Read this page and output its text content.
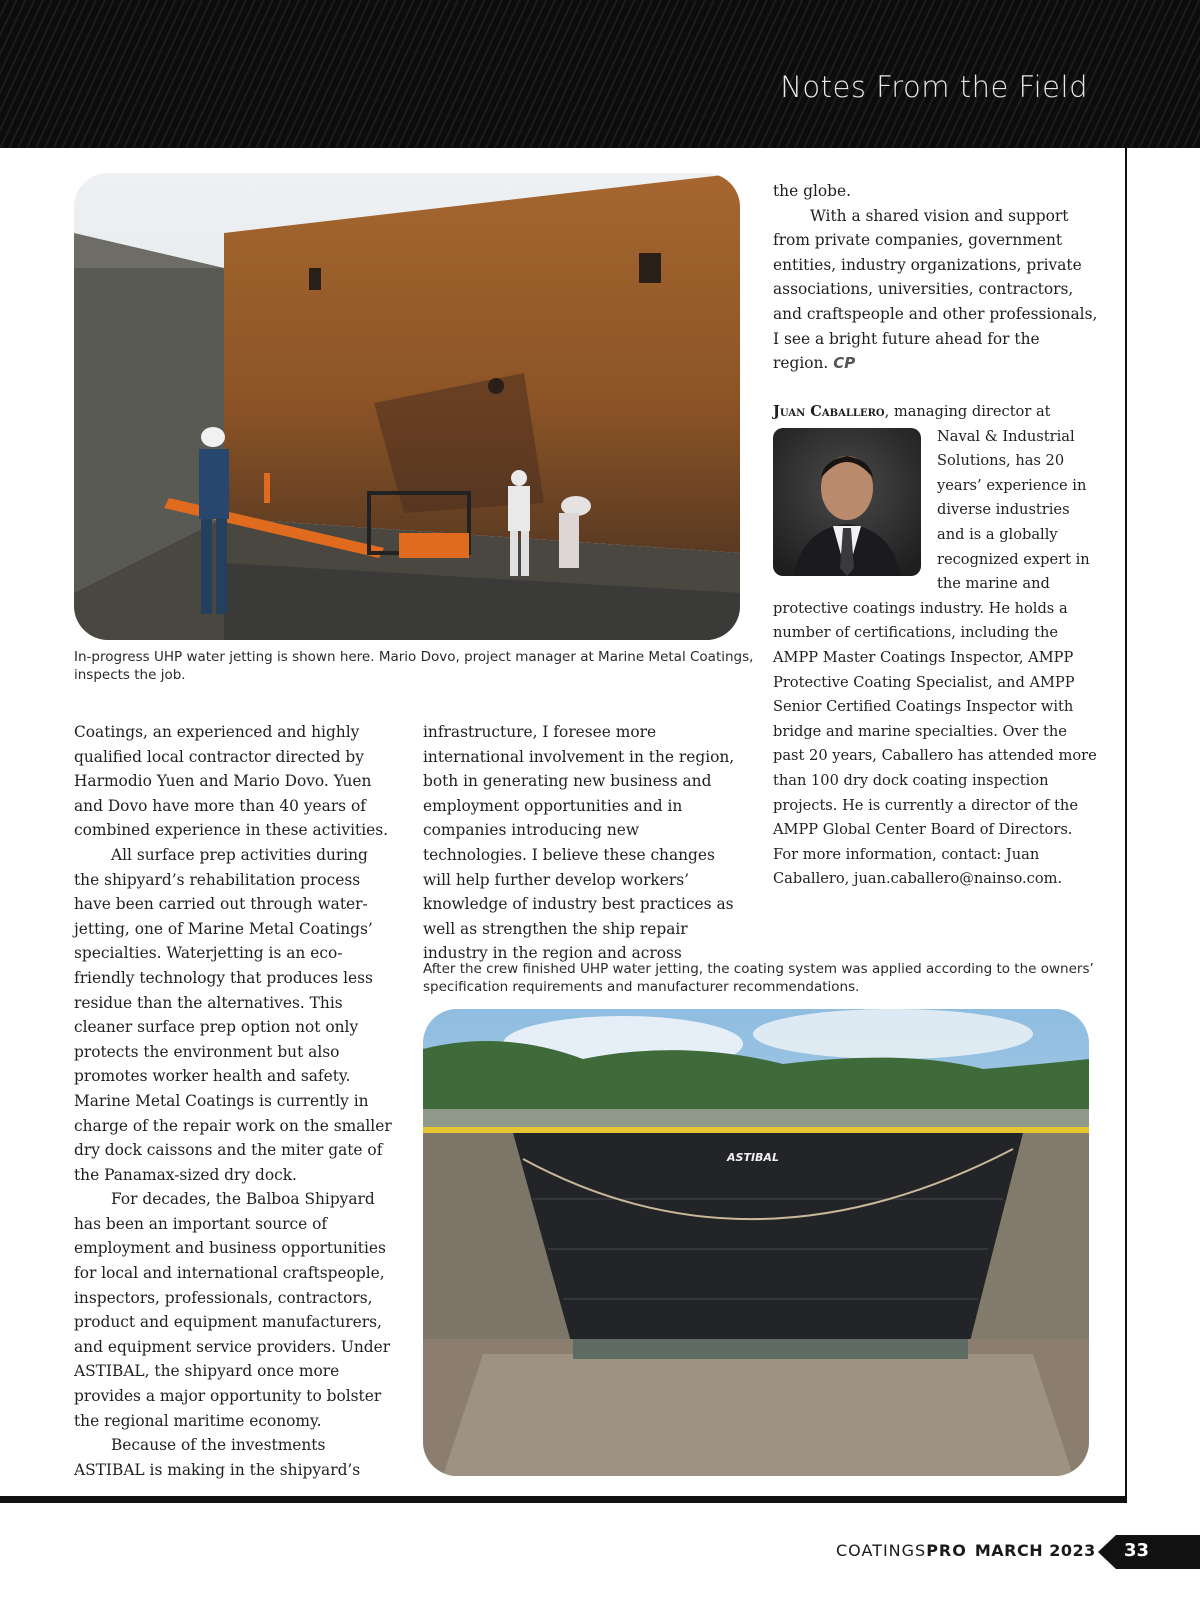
Notes From the Field
In-progress UHP water jetting is shown here. Mario Dovo, project manager at Marine Metal Coatings, inspects the job.

Coatings, an experienced and highly qualified local contractor directed by Harmodio Yuen and Mario Dovo. Yuen and Dovo have more than 40 years of combined experience in these activities.

All surface prep activities during the shipyard’s rehabilitation process have been carried out through water-jetting, one of Marine Metal Coatings’ specialties. Waterjetting is an eco-friendly technology that produces less residue than the alternatives. This cleaner surface prep option not only protects the environment but also promotes worker health and safety. Marine Metal Coatings is currently in charge of the repair work on the smaller dry dock caissons and the miter gate of the Panamax-sized dry dock.

For decades, the Balboa Shipyard has been an important source of employment and business opportunities for local and international craftspeople, inspectors, professionals, contractors, product and equipment manufacturers, and equipment service providers. Under ASTIBAL, the shipyard once more provides a major opportunity to bolster the regional maritime economy.

Because of the investments ASTIBAL is making in the shipyard’s

infrastructure, I foresee more international involvement in the region, both in generating new business and employment opportunities and in companies introducing new technologies. I believe these changes will help further develop workers’ knowledge of industry best practices as well as strengthen the ship repair industry in the region and across

the globe.

With a shared vision and support from private companies, government entities, industry organizations, private associations, universities, contractors, and craftspeople and other professionals, I see a bright future ahead for the region. CP

Juan Caballero, managing director at
Naval & Industrial Solutions, has 20 years’ experience in diverse industries and is a globally recognized expert in the marine and protective coatings industry. He holds a number of certifications, including the AMPP Master Coatings Inspector, AMPP Protective Coating Specialist, and AMPP Senior Certified Coatings Inspector with bridge and marine specialties. Over the past 20 years, Caballero has attended more than 100 dry dock coating inspection projects. He is currently a director of the AMPP Global Center Board of Directors. For more information, contact: Juan Caballero, juan.caballero@nainso.com.
After the crew finished UHP water jetting, the coating system was applied according to the owners’ specification requirements and manufacturer recommendations.
ASTIBAL
COATINGSPRO MARCH 2023 33
